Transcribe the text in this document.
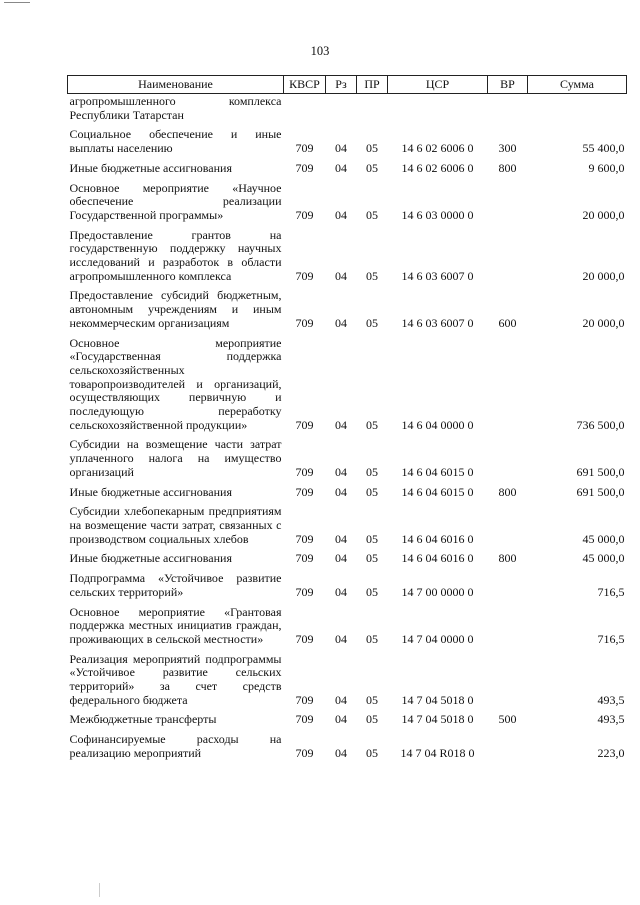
103
Наименование	КВСР	Рз	ПР	ЦСР	ВР	Сумма
агропромышленного комплекса Республики Татарстан						
Социальное обеспечение и иные выплаты населению	709	04	05	14 6 02 6006 0	300	55 400,0
Иные бюджетные ассигнования	709	04	05	14 6 02 6006 0	800	9 600,0
Основное мероприятие «Научное обеспечение реализации Государственной программы»	709	04	05	14 6 03 0000 0		20 000,0
Предоставление грантов на государственную поддержку научных исследований и разработок в области агропромышленного комплекса	709	04	05	14 6 03 6007 0		20 000,0
Предоставление субсидий бюджетным, автономным учреждениям и иным некоммерческим организациям	709	04	05	14 6 03 6007 0	600	20 000,0
Основное мероприятие «Государственная поддержка сельскохозяйственных товаропроизводителей и организаций, осуществляющих первичную и последующую переработку сельскохозяйственной продукции»	709	04	05	14 6 04 0000 0		736 500,0
Субсидии на возмещение части затрат уплаченного налога на имущество организаций	709	04	05	14 6 04 6015 0		691 500,0
Иные бюджетные ассигнования	709	04	05	14 6 04 6015 0	800	691 500,0
Субсидии хлебопекарным предприятиям на возмещение части затрат, связанных с производством социальных хлебов	709	04	05	14 6 04 6016 0		45 000,0
Иные бюджетные ассигнования	709	04	05	14 6 04 6016 0	800	45 000,0
Подпрограмма «Устойчивое развитие сельских территорий»	709	04	05	14 7 00 0000 0		716,5
Основное мероприятие «Грантовая поддержка местных инициатив граждан, проживающих в сельской местности»	709	04	05	14 7 04 0000 0		716,5
Реализация мероприятий подпрограммы «Устойчивое развитие сельских территорий» за счет средств федерального бюджета	709	04	05	14 7 04 5018 0		493,5
Межбюджетные трансферты	709	04	05	14 7 04 5018 0	500	493,5
Софинансируемые расходы на реализацию мероприятий	709	04	05	14 7 04 R018 0		223,0
